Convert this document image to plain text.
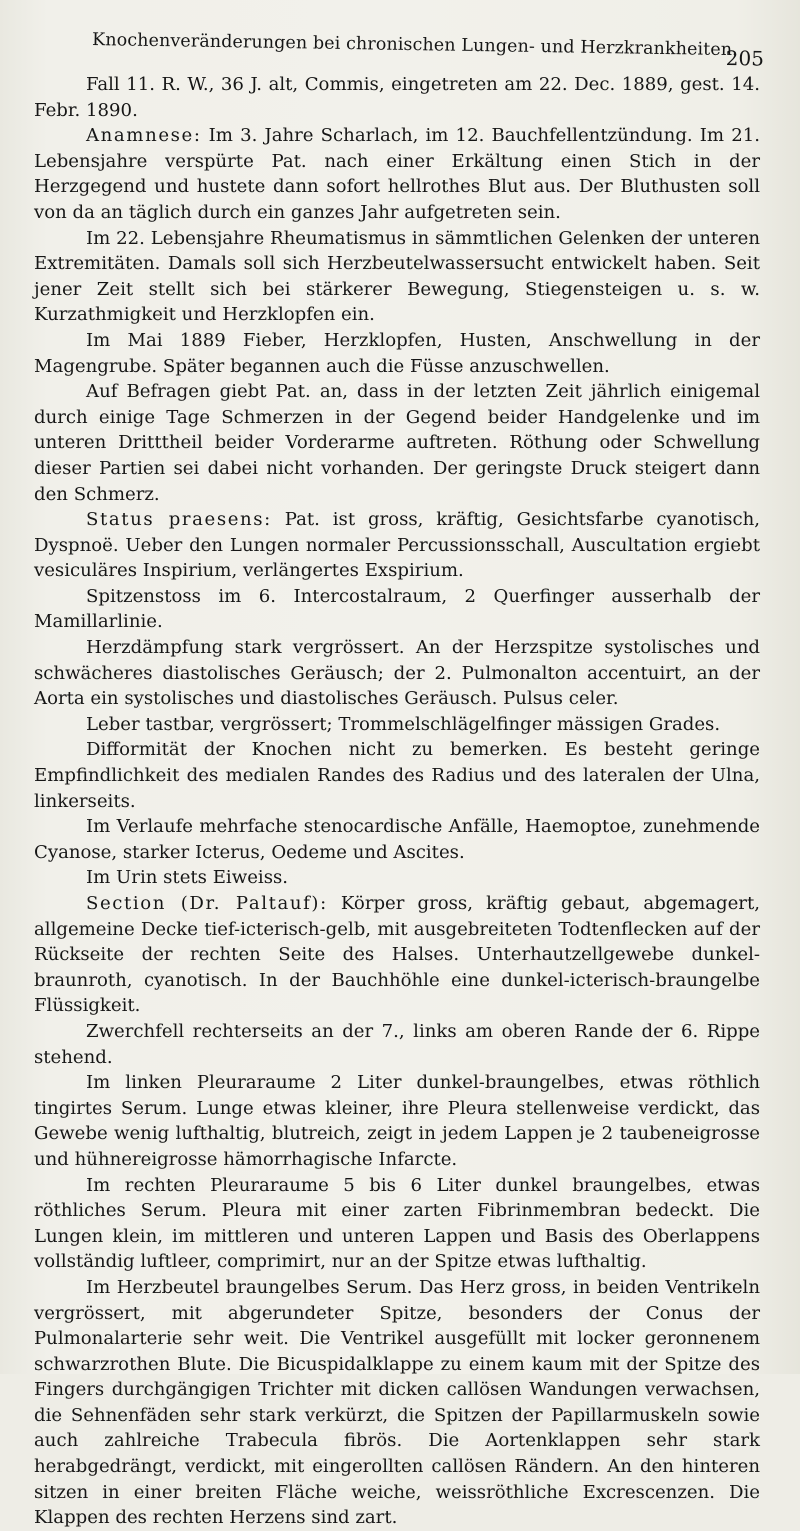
Knochenveränderungen bei chronischen Lungen- und Herzkrankheiten.
205

Fall 11. R. W., 36 J. alt, Commis, eingetreten am 22. Dec. 1889, gest. 14. Febr. 1890.

Anamnese: Im 3. Jahre Scharlach, im 12. Bauchfellentzündung. Im 21. Lebensjahre verspürte Pat. nach einer Erkältung einen Stich in der Herzgegend und hustete dann sofort hellrothes Blut aus. Der Bluthusten soll von da an täglich durch ein ganzes Jahr aufgetreten sein.

Im 22. Lebensjahre Rheumatismus in sämmtlichen Gelenken der unteren Extremitäten. Damals soll sich Herzbeutelwassersucht entwickelt haben. Seit jener Zeit stellt sich bei stärkerer Bewegung, Stiegensteigen u. s. w. Kurzathmigkeit und Herzklopfen ein.

Im Mai 1889 Fieber, Herzklopfen, Husten, Anschwellung in der Magengrube. Später begannen auch die Füsse anzuschwellen.

Auf Befragen giebt Pat. an, dass in der letzten Zeit jährlich einigemal durch einige Tage Schmerzen in der Gegend beider Handgelenke und im unteren Dritttheil beider Vorderarme auftreten. Röthung oder Schwellung dieser Partien sei dabei nicht vorhanden. Der geringste Druck steigert dann den Schmerz.

Status praesens: Pat. ist gross, kräftig, Gesichtsfarbe cyanotisch, Dyspnoë. Ueber den Lungen normaler Percussionsschall, Auscultation ergiebt vesiculäres Inspirium, verlängertes Exspirium.

Spitzenstoss im 6. Intercostalraum, 2 Querfinger ausserhalb der Mamillarlinie.

Herzdämpfung stark vergrössert. An der Herzspitze systolisches und schwächeres diastolisches Geräusch; der 2. Pulmonalton accentuirt, an der Aorta ein systolisches und diastolisches Geräusch. Pulsus celer.

Leber tastbar, vergrössert; Trommelschlägelfinger mässigen Grades.

Difformität der Knochen nicht zu bemerken. Es besteht geringe Empfindlichkeit des medialen Randes des Radius und des lateralen der Ulna, linkerseits.

Im Verlaufe mehrfache stenocardische Anfälle, Haemoptoe, zunehmende Cyanose, starker Icterus, Oedeme und Ascites.

Im Urin stets Eiweiss.

Section (Dr. Paltauf): Körper gross, kräftig gebaut, abgemagert, allgemeine Decke tief-icterisch-gelb, mit ausgebreiteten Todtenflecken auf der Rückseite der rechten Seite des Halses. Unterhautzellgewebe dunkel-braunroth, cyanotisch. In der Bauchhöhle eine dunkel-icterisch-braungelbe Flüssigkeit.

Zwerchfell rechterseits an der 7., links am oberen Rande der 6. Rippe stehend.

Im linken Pleuraraume 2 Liter dunkel-braungelbes, etwas röthlich tingirtes Serum. Lunge etwas kleiner, ihre Pleura stellenweise verdickt, das Gewebe wenig lufthaltig, blutreich, zeigt in jedem Lappen je 2 taubeneigrosse und hühnereigrosse hämorrhagische Infarcte.

Im rechten Pleuraraume 5 bis 6 Liter dunkel braungelbes, etwas röthliches Serum. Pleura mit einer zarten Fibrinmembran bedeckt. Die Lungen klein, im mittleren und unteren Lappen und Basis des Oberlappens vollständig luftleer, comprimirt, nur an der Spitze etwas lufthaltig.

Im Herzbeutel braungelbes Serum. Das Herz gross, in beiden Ventrikeln vergrössert, mit abgerundeter Spitze, besonders der Conus der Pulmonalarterie sehr weit. Die Ventrikel ausgefüllt mit locker geronnenem schwarzrothen Blute. Die Bicuspidalklappe zu einem kaum mit der Spitze des Fingers durchgängigen Trichter mit dicken callösen Wandungen verwachsen, die Sehnenfäden sehr stark verkürzt, die Spitzen der Papillarmuskeln sowie auch zahlreiche Trabecula fibrös. Die Aortenklappen sehr stark herabgedrängt, verdickt, mit eingerollten callösen Rändern. An den hinteren sitzen in einer breiten Fläche weiche, weissröthliche Excrescenzen. Die Klappen des rechten Herzens sind zart.
